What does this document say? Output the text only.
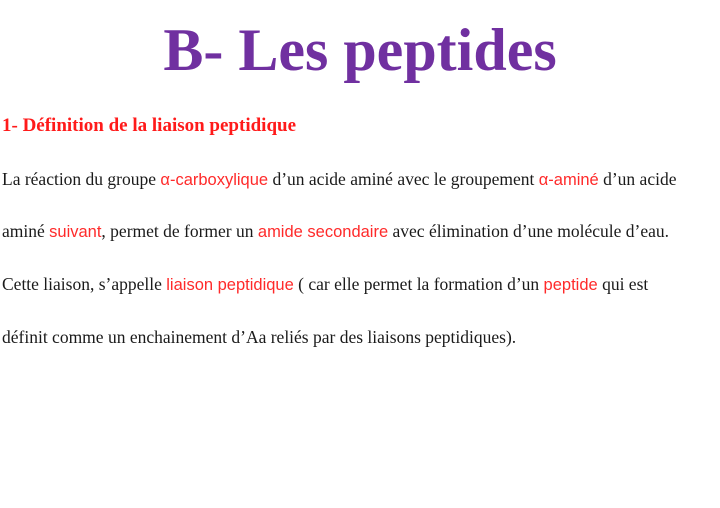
B- Les peptides
1- Définition de la liaison peptidique

La réaction du groupe α-carboxylique d’un acide aminé avec le groupement α-aminé d’un acide

aminé suivant, permet de former un amide secondaire avec élimination d’une molécule d’eau.

Cette liaison, s’appelle liaison peptidique ( car elle permet la formation d’un peptide qui est

définit comme un enchainement d’Aa reliés par des liaisons peptidiques).
